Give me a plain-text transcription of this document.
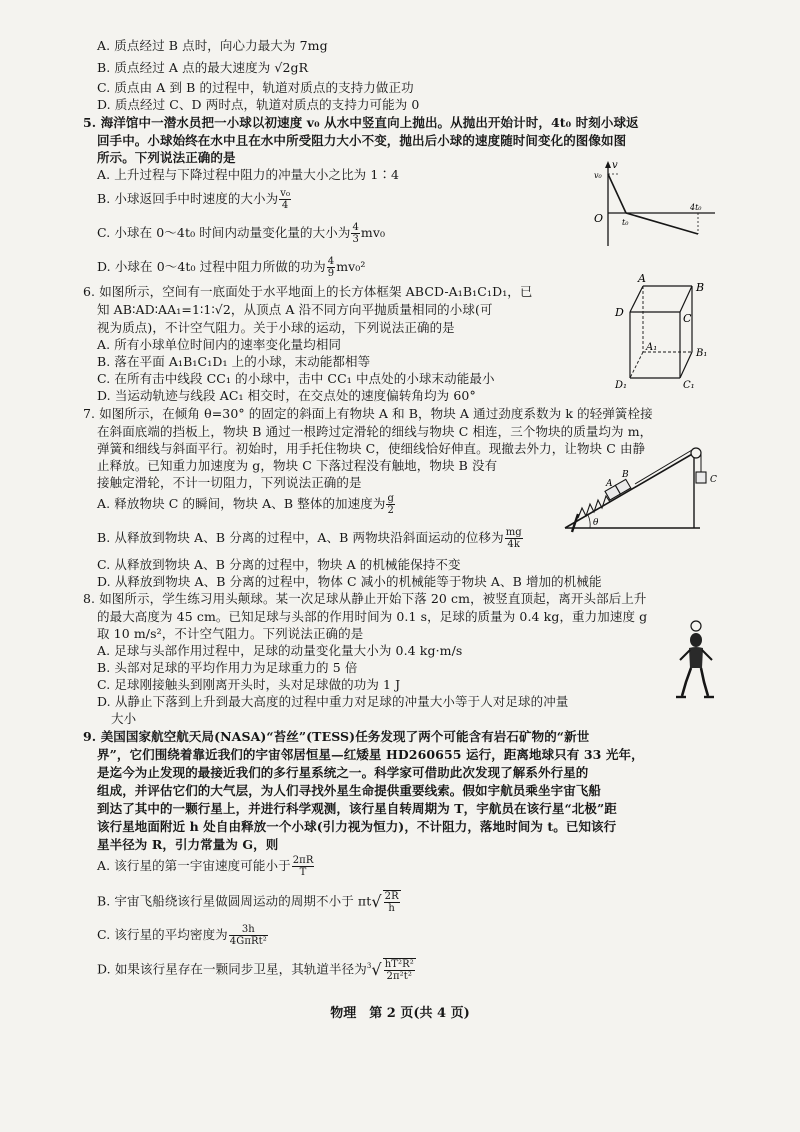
A. 质点经过 B 点时，向心力最大为 7mg
B. 质点经过 A 点的最大速度为 √2gR
C. 质点由 A 到 B 的过程中，轨道对质点的支持力做正功
D. 质点经过 C、D 两时点，轨道对质点的支持力可能为 0
5. 海洋馆中一潜水员把一小球以初速度 v₀ 从水中竖直向上抛出。从抛出开始计时，4t₀ 时刻小球返
回手中。小球始终在水中且在水中所受阻力大小不变，抛出后小球的速度随时间变化的图像如图
所示。下列说法正确的是
A. 上升过程与下降过程中阻力的冲量大小之比为 1∶4
B. 小球返回手中时速度的大小为 $\frac{\text{v₀}}{4}$
C. 小球在 0～4t₀ 时间内动量变化量的大小为 $\frac{4}{3} mv_0$
D. 小球在 0～4t₀ 过程中阻力所做的功为 $\frac{4}{9} mv_0^2$
v
v₀
O t₀
4t₀
6. 如图所示，空间有一底面处于水平地面上的长方体框架 ABCD-A₁B₁C₁D₁，已
知 AB∶AD∶AA₁=1∶1∶√2，从顶点 A 沿不同方向平抛质量相同的小球(可
视为质点)，不计空气阻力。关于小球的运动，下列说法正确的是
A. 所有小球单位时间内的速率变化量均相同
B. 落在平面 A₁B₁C₁D₁ 上的小球，末动能都相等
C. 在所有击中线段 CC₁ 的小球中，击中 CC₁ 中点处的小球末动能最小
D. 当运动轨迹与线段 AC₁ 相交时，在交点处的速度偏转角均为 60°
A
B
C
D
A₁
B₁
C₁
D₁
7. 如图所示，在倾角 θ=30° 的固定的斜面上有物块 A 和 B，物块 A 通过劲度系数为 k 的轻弹簧栓接
在斜面底端的挡板上，物块 B 通过一根跨过定滑轮的细线与物块 C 相连，三个物块的质量均为 m，
弹簧和细线与斜面平行。初始时，用手托住物块 C，使细线恰好伸直。现撤去外力，让物块 C 由静
止释放。已知重力加速度为 g，物块 C 下落过程没有触地，物块 B 没有
接触定滑轮，不计一切阻力，下列说法正确的是
A. 释放物块 C 的瞬间，物块 A、B 整体的加速度为 $\frac{g}{2}$
B. 从释放到物块 A、B 分离的过程中，A、B 两物块沿斜面运动的位移为 $\frac{mg}{4k}$
C. 从释放到物块 A、B 分离的过程中，物块 A 的机械能保持不变
D. 从释放到物块 A、B 分离的过程中，物体 C 减小的机械能等于物块 A、B 增加的机械能
A
B	C
θ
8. 如图所示，学生练习用头颠球。某一次足球从静止开始下落 20 cm，被竖直顶起，离开头部后上升
的最大高度为 45 cm。已知足球与头部的作用时间为 0.1 s，足球的质量为 0.4 kg，重力加速度 g
取 10 m/s²，不计空气阻力。下列说法正确的是
A. 足球与头部作用过程中，足球的动量变化量大小为 0.4 kg·m/s
B. 头部对足球的平均作用力为足球重力的 5 倍
C. 足球刚接触头到刚离开头时，头对足球做的功为 1 J
D. 从静止下落到上升到最大高度的过程中重力对足球的冲量大小等于人对足球的冲量
大小
9. 美国国家航空航天局(NASA)“苔丝”(TESS)任务发现了两个可能含有岩石矿物的“新世
界”，它们围绕着靠近我们的宇宙邻居恒星—红矮星 HD260655 运行，距离地球只有 33 光年，
是迄今为止发现的最接近我们的多行星系统之一。科学家可借助此次发现了解系外行星的
组成，并评估它们的大气层，为人们寻找外星生命提供重要线索。假如宇航员乘坐宇宙飞船
到达了其中的一颗行星上，并进行科学观测，该行星自转周期为 T，宇航员在该行星“北极”距
该行星地面附近 h 处自由释放一个小球(引力视为恒力)，不计阻力，落地时间为 t。已知该行
星半径为 R，引力常量为 G，则
A. 该行星的第一宇宙速度可能小于 $\frac{2\pi R}{T}$
B. 宇宙飞船绕该行星做圆周运动的周期不小于 $\pi t√ \frac{2R}{h}$
C. 该行星的平均密度为 $\frac{3h}{\text{4GπRt²}}$
D. 如果该行星存在一颗同步卫星，其轨道半径为$^3√ \frac{\text{hT²R²}}{\text{2π²t²}}$
物理　第 2 页(共 4 页)
